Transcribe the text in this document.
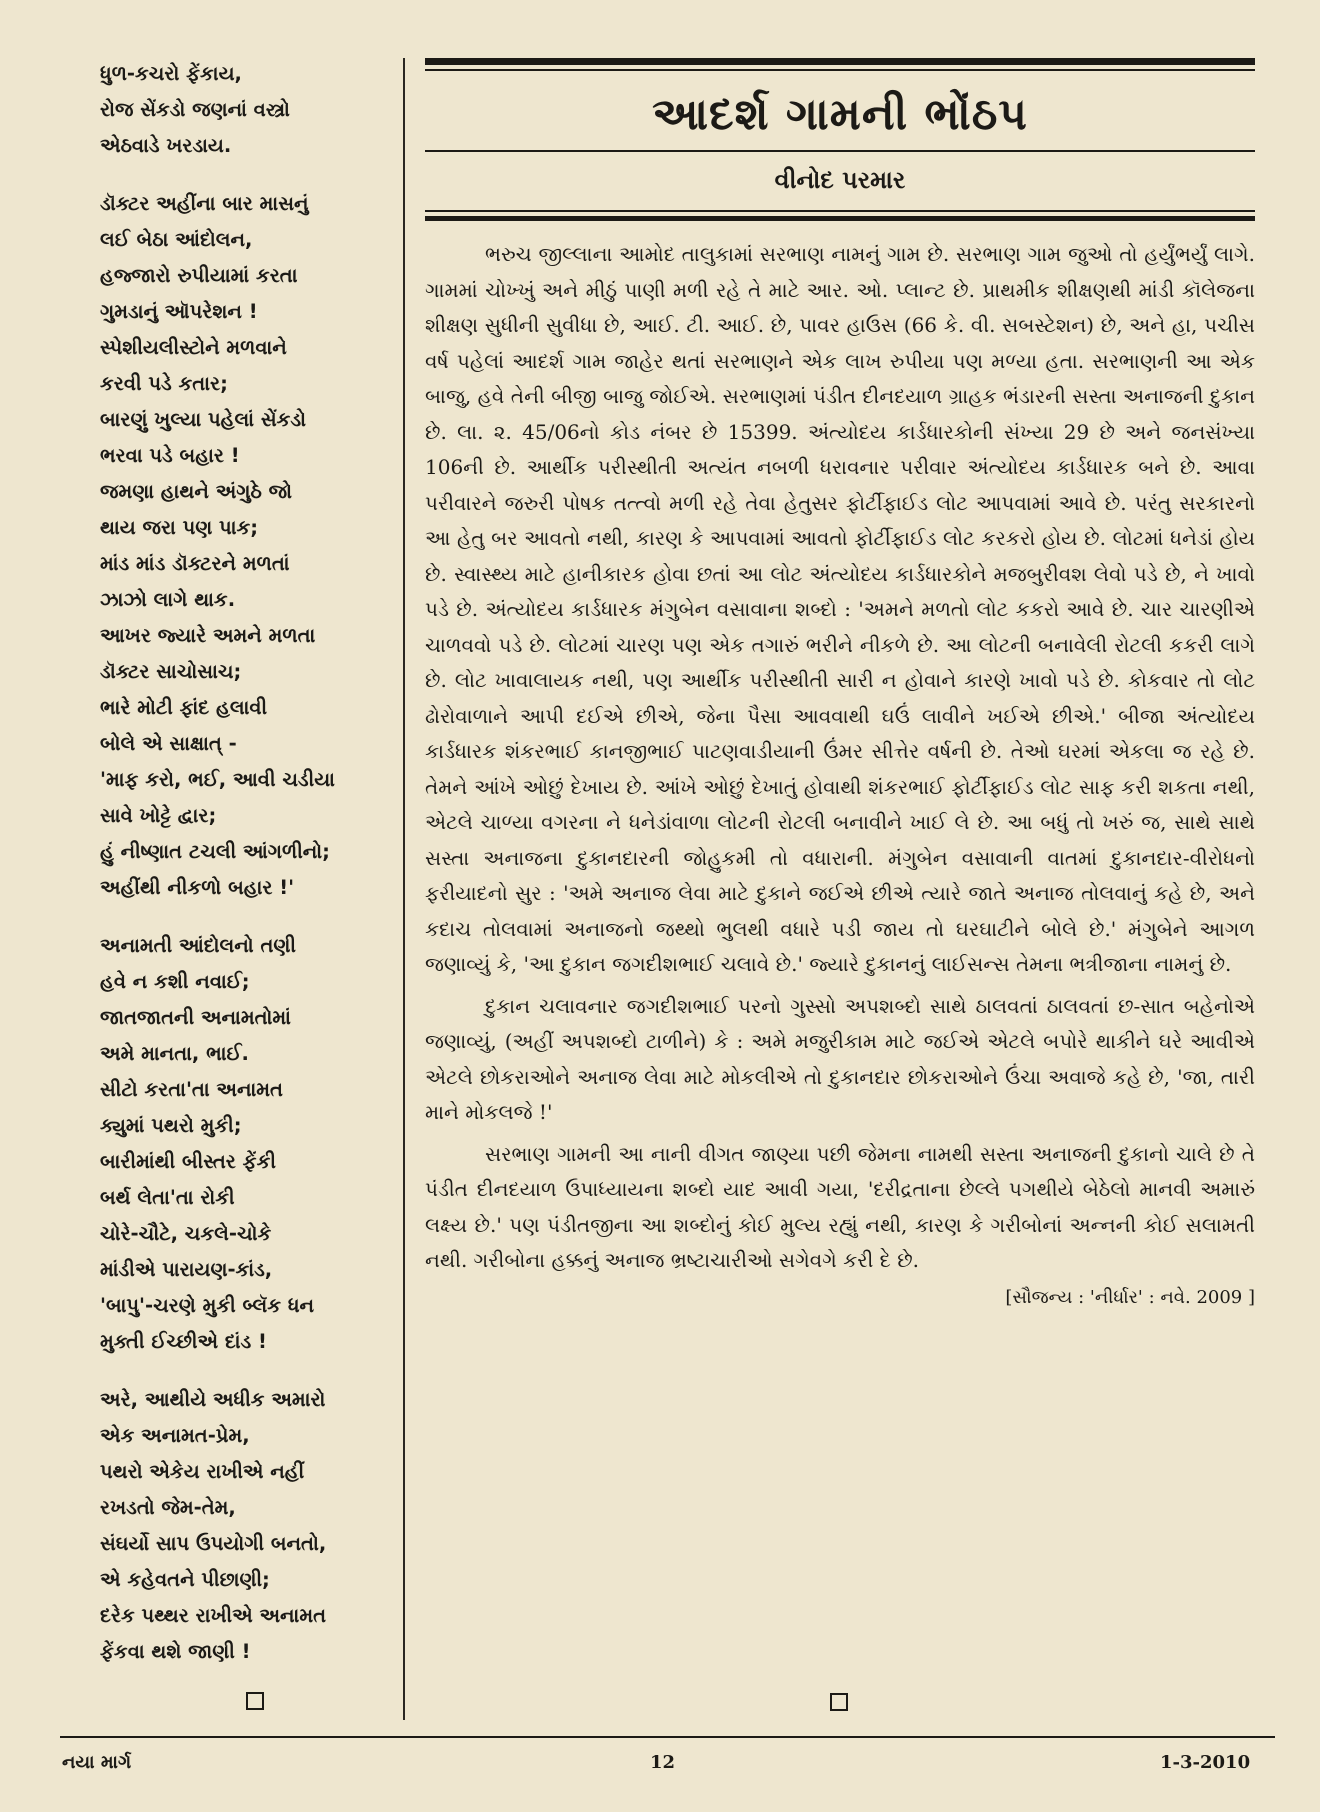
ધુળ-કચરો ફેંકાય,
રોજ સેંકડો જણનાં વસ્ત્રો
એઠવાડે ખરડાય.
ડૉક્ટર અહીંના બાર માસનું
લઈ બેઠા આંદોલન,
હજ્જારો રુપીયામાં કરતા
ગુમડાનું ઑપરેશન !
સ્પેશીયલીસ્ટોને મળવાને
કરવી પડે કતાર;
બારણું ખુલ્યા પહેલાં સેંકડો
ભરવા પડે બહાર !
જમણા હાથને અંગુઠે જો
થાય જરા પણ પાક;
માંડ માંડ ડૉક્ટરને મળતાં
ઝાઝો લાગે થાક.
આખર જ્યારે અમને મળતા
ડૉક્ટર સાચોસાચ;
ભારે મોટી ફાંદ હલાવી
બોલે એ સાક્ષાત્ -
'માફ કરો, ભઈ, આવી ચડીયા
સાવે ખોટ્ટે દ્વાર;
હું નીષ્ણાત ટચલી આંગળીનો;
અહીંથી નીકળો બહાર !'
અનામતી આંદોલનો તણી
હવે ન કશી નવાઈ;
જાતજાતની અનામતોમાં
અમે માનતા, ભાઈ.
સીટો કરતા'તા અનામત
ક્યુમાં પથરો મુકી;
બારીમાંથી બીસ્તર ફેંકી
બર્થ લેતા'તા રોકી
ચોરે-ચૌટે, ચકલે-ચોકે
માંડીએ પારાયણ-કાંડ,
'બાપુ'-ચરણે મુકી બ્લૅક ધન
મુક્તી ઈચ્છીએ દાંડ !
અરે, આથીયે અધીક અમારો
એક અનામત-પ્રેમ,
પથરો એકેય રાખીએ નહીં
રખડતો જેમ-તેમ,
સંઘર્યો સાપ ઉપયોગી બનતો,
એ કહેવતને પીછાણી;
દરેક પથ્થર રાખીએ અનામત
ફેંકવા થશે જાણી !
આદર્શ ગામની ભોંઠપ
વીનોદ પરમાર

ભરુચ જીલ્લાના આમોદ તાલુકામાં સરભાણ નામનું ગામ છે. સરભાણ ગામ જુઓ તો હર્યુંભર્યું લાગે. ગામમાં ચોખ્ખું અને મીઠું પાણી મળી રહે તે માટે આર. ઓ. પ્લાન્ટ છે. પ્રાથમીક શીક્ષણથી માંડી કૉલેજના શીક્ષણ સુધીની સુવીધા છે, આઈ. ટી. આઈ. છે, પાવર હાઉસ (66 કે. વી. સબસ્ટેશન) છે, અને હા, પચીસ વર્ષ પહેલાં આદર્શ ગામ જાહેર થતાં સરભાણને એક લાખ રુપીયા પણ મળ્યા હતા. સરભાણની આ એક બાજુ, હવે તેની બીજી બાજુ જોઈએ. સરભાણમાં પંડીત દીનદયાળ ગ્રાહક ભંડારની સસ્તા અનાજની દુકાન છે. લા. ૨. 45/06નો કોડ નંબર છે 15399. અંત્યોદય કાર્ડધારકોની સંખ્યા 29 છે અને જનસંખ્યા 106ની છે. આર્થીક પરીસ્થીતી અત્યંત નબળી ધરાવનાર પરીવાર અંત્યોદય કાર્ડધારક બને છે. આવા પરીવારને જરુરી પોષક તત્ત્વો મળી રહે તેવા હેતુસર ફોર્ટીફાઈડ લોટ આપવામાં આવે છે. પરંતુ સરકારનો આ હેતુ બર આવતો નથી, કારણ કે આપવામાં આવતો ફોર્ટીફાઈડ લોટ કરકરો હોય છે. લોટમાં ધનેડાં હોય છે. સ્વાસ્થ્ય માટે હાનીકારક હોવા છતાં આ લોટ અંત્યોદય કાર્ડધારકોને મજબુરીવશ લેવો પડે છે, ને ખાવો પડે છે. અંત્યોદય કાર્ડધારક મંગુબેન વસાવાના શબ્દો : 'અમને મળતો લોટ કકરો આવે છે. ચાર ચારણીએ ચાળવવો પડે છે. લોટમાં ચારણ પણ એક તગારું ભરીને નીકળે છે. આ લોટની બનાવેલી રોટલી કકરી લાગે છે. લોટ ખાવાલાયક નથી, પણ આર્થીક પરીસ્થીતી સારી ન હોવાને કારણે ખાવો પડે છે. કોકવાર તો લોટ ઢોરોવાળાને આપી દઈએ છીએ, જેના પૈસા આવવાથી ઘઉં લાવીને ખઈએ છીએ.' બીજા અંત્યોદય કાર્ડધારક શંકરભાઈ કાનજીભાઈ પાટણવાડીયાની ઉંમર સીત્તેર વર્ષની છે. તેઓ ઘરમાં એકલા જ રહે છે. તેમને આંખે ઓછું દેખાય છે. આંખે ઓછું દેખાતું હોવાથી શંકરભાઈ ફોર્ટીફાઈડ લોટ સાફ કરી શકતા નથી, એટલે ચાળ્યા વગરના ને ધનેડાંવાળા લોટની રોટલી બનાવીને ખાઈ લે છે. આ બધું તો ખરું જ, સાથે સાથે સસ્તા અનાજના દુકાનદારની જોહુકમી તો વધારાની. મંગુબેન વસાવાની વાતમાં દુકાનદાર-વીરોધનો ફરીયાદનો સુર : 'અમે અનાજ લેવા માટે દુકાને જઈએ છીએ ત્યારે જાતે અનાજ તોલવાનું કહે છે, અને કદાચ તોલવામાં અનાજનો જથ્થો ભુલથી વધારે પડી જાય તો ઘરઘાટીને બોલે છે.' મંગુબેને આગળ જણાવ્યું કે, 'આ દુકાન જગદીશભાઈ ચલાવે છે.' જ્યારે દુકાનનું લાઈસન્સ તેમના ભત્રીજાના નામનું છે.

દુકાન ચલાવનાર જગદીશભાઈ પરનો ગુસ્સો અપશબ્દો સાથે ઠાલવતાં ઠાલવતાં છ-સાત બહેનોએ જણાવ્યું, (અહીં અપશબ્દો ટાળીને) કે : અમે મજુરીકામ માટે જઈએ એટલે બપોરે થાકીને ઘરે આવીએ એટલે છોકરાઓને અનાજ લેવા માટે મોકલીએ તો દુકાનદાર છોકરાઓને ઉંચા અવાજે કહે છે, 'જા, તારી માને મોકલજે !'

સરભાણ ગામની આ નાની વીગત જાણ્યા પછી જેમના નામથી સસ્તા અનાજની દુકાનો ચાલે છે તે પંડીત દીનદયાળ ઉપાધ્યાયના શબ્દો યાદ આવી ગયા, 'દરીદ્રતાના છેલ્લે પગથીયે બેઠેલો માનવી અમારું લક્ષ્ય છે.' પણ પંડીતજીના આ શબ્દોનું કોઈ મુલ્ય રહ્યું નથી, કારણ કે ગરીબોનાં અન્નની કોઈ સલામતી નથી. ગરીબોના હક્કનું અનાજ ભ્રષ્ટાચારીઓ સગેવગે કરી દે છે.

[સૌજન્ય : 'નીર્ધાર' : નવે. 2009 ]
નયા માર્ગ	12	1-3-2010
